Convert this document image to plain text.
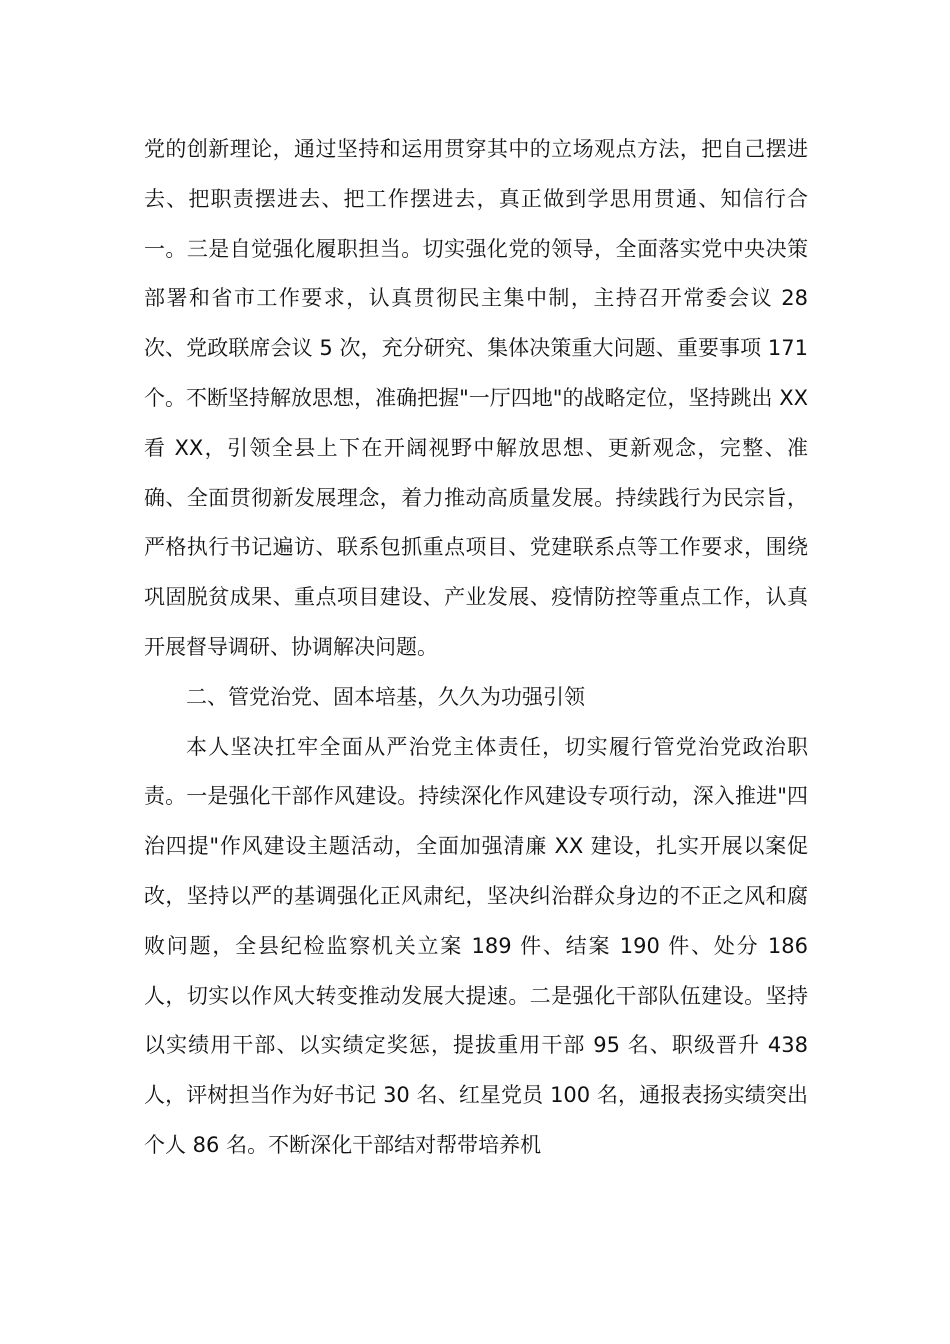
党的创新理论，通过坚持和运用贯穿其中的立场观点方法，把自己摆进去、把职责摆进去、把工作摆进去，真正做到学思用贯通、知信行合一。三是自觉强化履职担当。切实强化党的领导，全面落实党中央决策部署和省市工作要求，认真贯彻民主集中制，主持召开常委会议 28 次、党政联席会议 5 次，充分研究、集体决策重大问题、重要事项 171 个。不断坚持解放思想，准确把握"一厅四地"的战略定位，坚持跳出 XX 看 XX，引领全县上下在开阔视野中解放思想、更新观念，完整、准确、全面贯彻新发展理念，着力推动高质量发展。持续践行为民宗旨，严格执行书记遍访、联系包抓重点项目、党建联系点等工作要求，围绕巩固脱贫成果、重点项目建设、产业发展、疫情防控等重点工作，认真开展督导调研、协调解决问题。

二、管党治党、固本培基，久久为功强引领

本人坚决扛牢全面从严治党主体责任，切实履行管党治党政治职责。一是强化干部作风建设。持续深化作风建设专项行动，深入推进"四治四提"作风建设主题活动，全面加强清廉 XX 建设，扎实开展以案促改，坚持以严的基调强化正风肃纪，坚决纠治群众身边的不正之风和腐败问题，全县纪检监察机关立案 189 件、结案 190 件、处分 186 人，切实以作风大转变推动发展大提速。二是强化干部队伍建设。坚持以实绩用干部、以实绩定奖惩，提拔重用干部 95 名、职级晋升 438 人，评树担当作为好书记 30 名、红星党员 100 名，通报表扬实绩突出个人 86 名。不断深化干部结对帮带培养机
